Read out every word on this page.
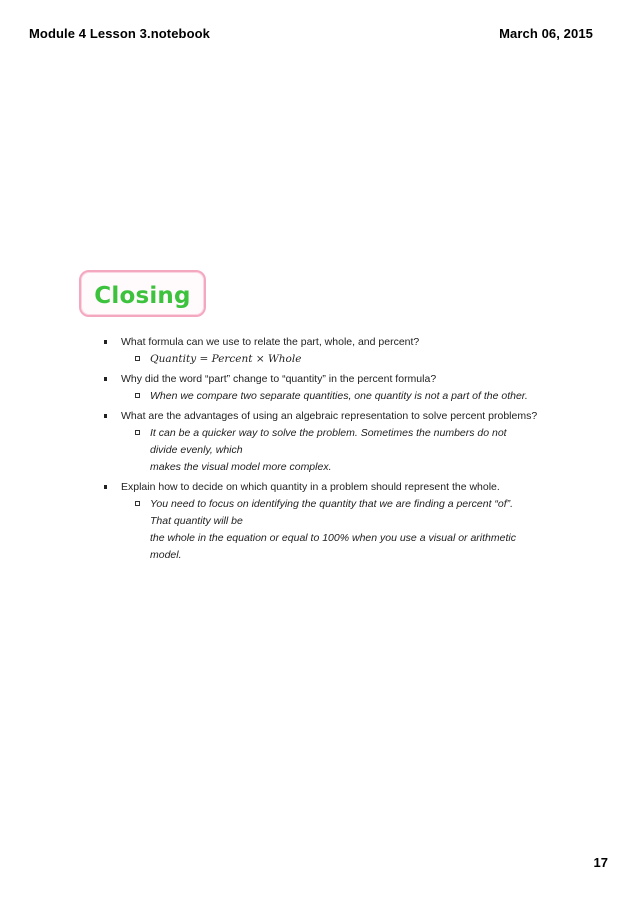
Module 4 Lesson 3.notebook	March 06, 2015
Closing
What formula can we use to relate the part, whole, and percent?
Quantity = Percent × Whole
Why did the word “part” change to “quantity” in the percent formula?
When we compare two separate quantities, one quantity is not a part of the other.
What are the advantages of using an algebraic representation to solve percent problems?
It can be a quicker way to solve the problem. Sometimes the numbers do not divide evenly, which
makes the visual model more complex.
Explain how to decide on which quantity in a problem should represent the whole.
You need to focus on identifying the quantity that we are finding a percent “of”. That quantity will be
the whole in the equation or equal to 100% when you use a visual or arithmetic model.
17
